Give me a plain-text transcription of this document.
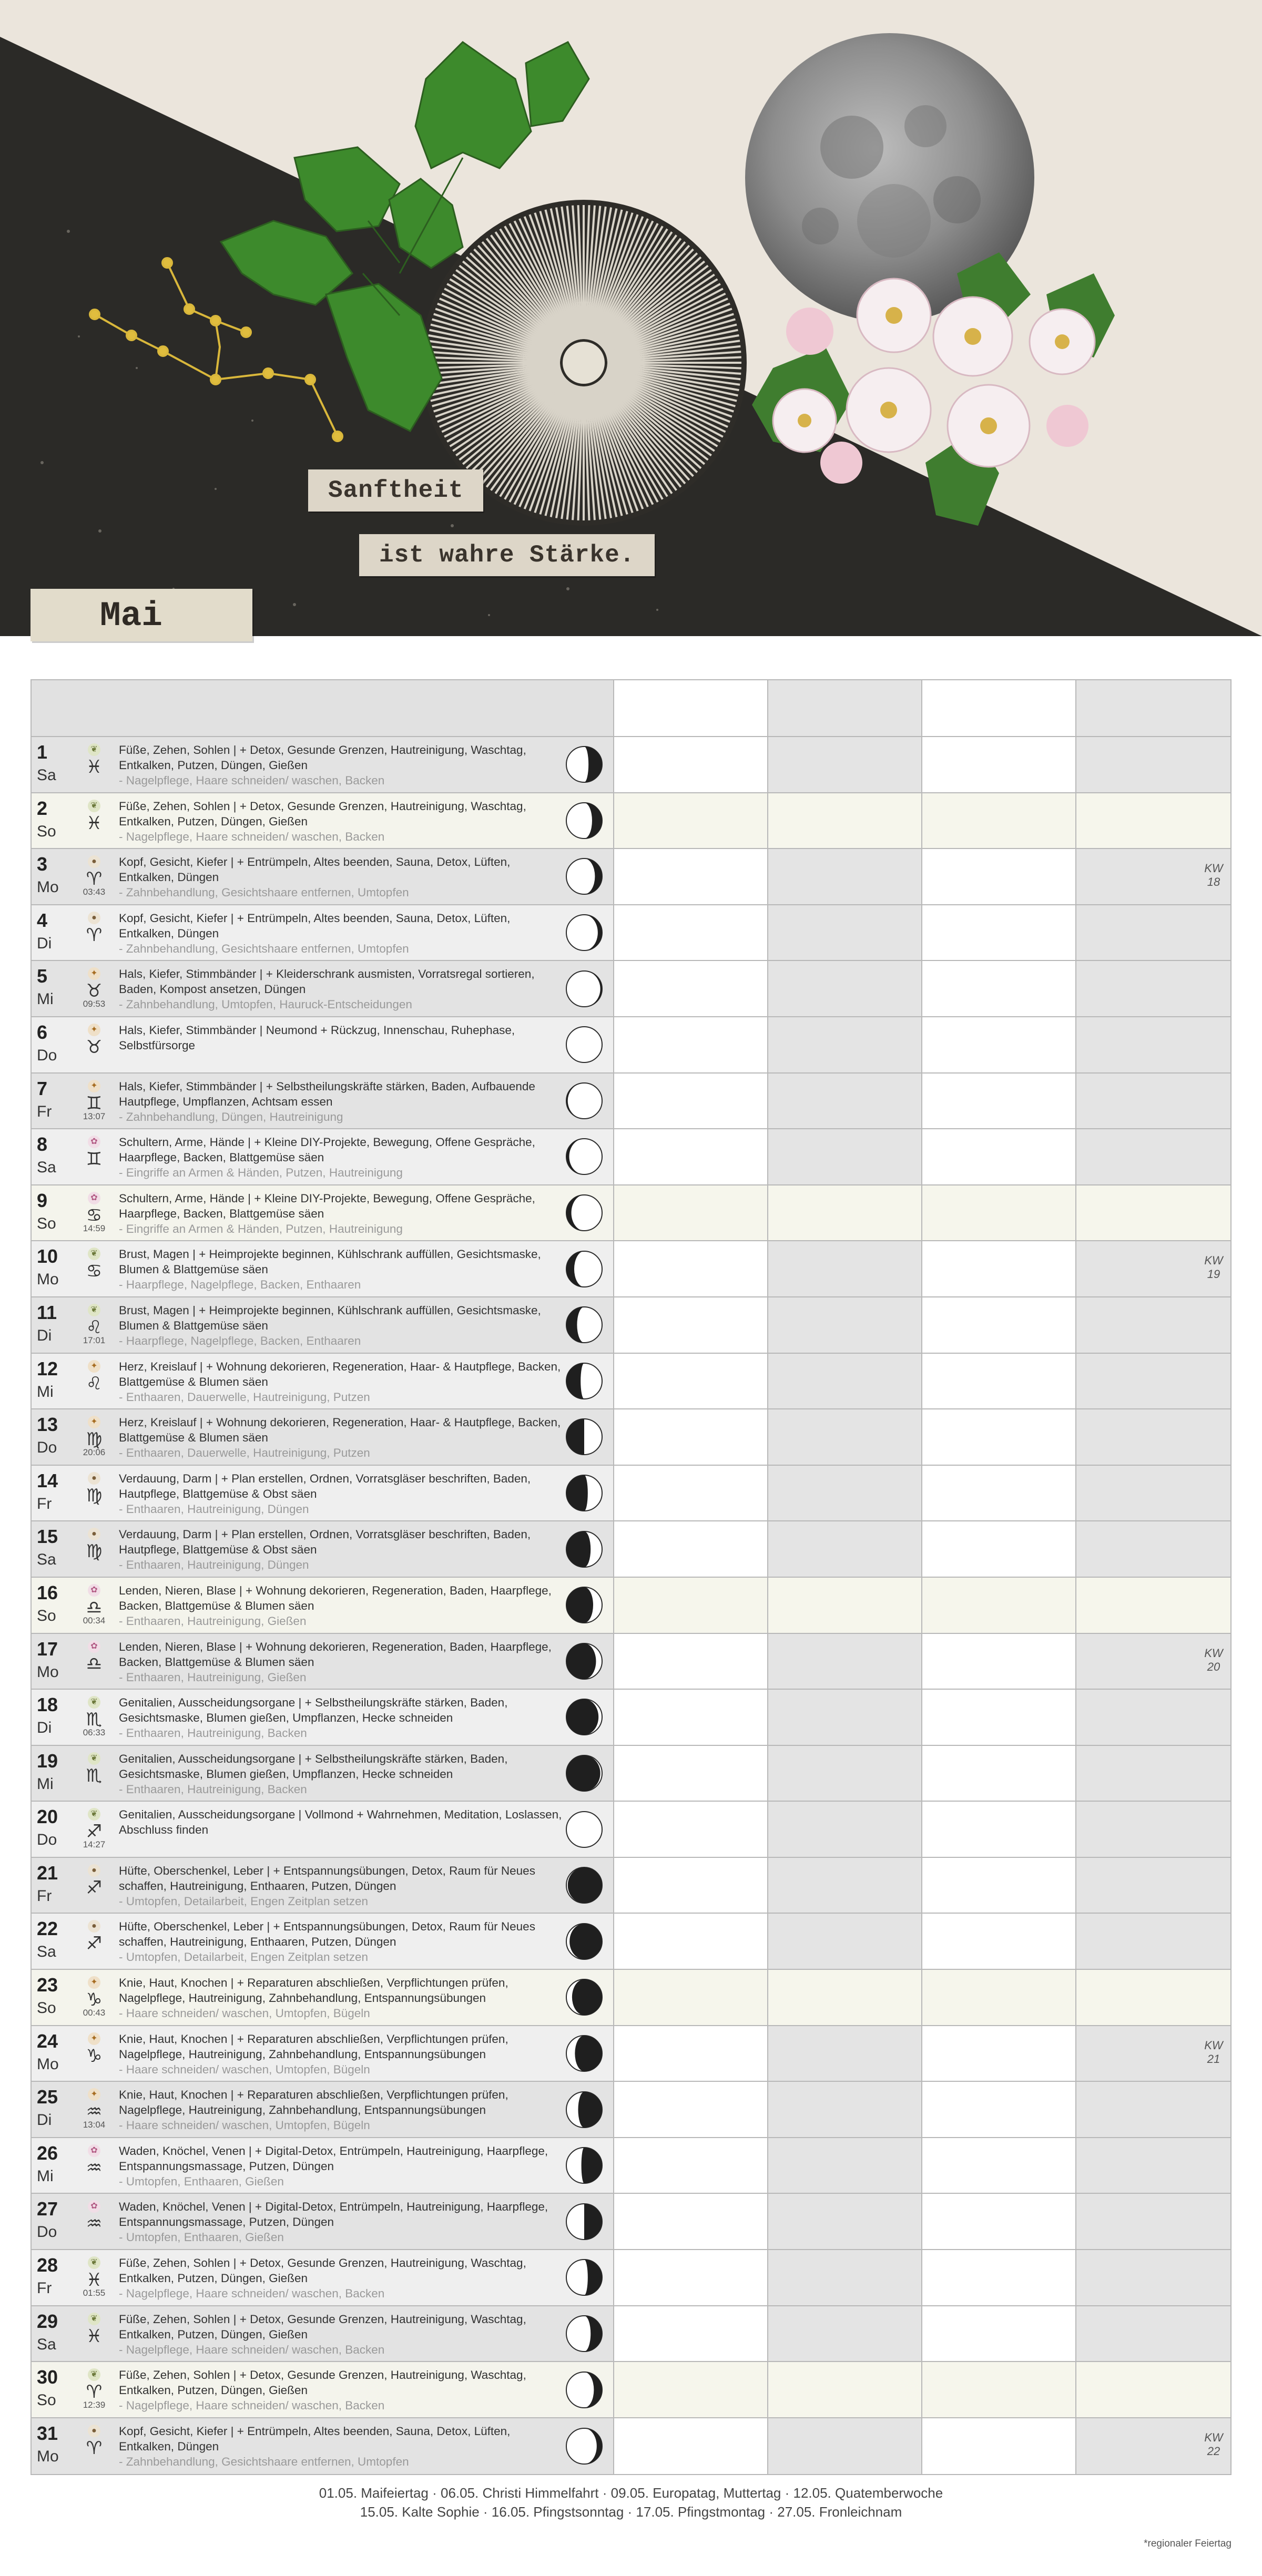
Sanftheit
ist wahre Stärke.
Mai
1
Sa
❦
♓
Füße, Zehen, Sohlen | + Detox, Gesunde Grenzen, Hautreinigung, Waschtag, Entkalken, Putzen, Düngen, Gießen
- Nagelpflege, Haare schneiden/ waschen, Backen
2
So
❦
♓
Füße, Zehen, Sohlen | + Detox, Gesunde Grenzen, Hautreinigung, Waschtag, Entkalken, Putzen, Düngen, Gießen
- Nagelpflege, Haare schneiden/ waschen, Backen
3
Mo
●
♈
03:43
Kopf, Gesicht, Kiefer | + Entrümpeln, Altes beenden, Sauna, Detox, Lüften, Entkalken, Düngen
- Zahnbehandlung, Gesichtshaare entfernen, Umtopfen
KW
18
4
Di
●
♈
Kopf, Gesicht, Kiefer | + Entrümpeln, Altes beenden, Sauna, Detox, Lüften, Entkalken, Düngen
- Zahnbehandlung, Gesichtshaare entfernen, Umtopfen
5
Mi
✦
♉
09:53
Hals, Kiefer, Stimmbänder | + Kleiderschrank ausmisten, Vorratsregal sortieren, Baden, Kompost ansetzen, Düngen
- Zahnbehandlung, Umtopfen, Hauruck-Entscheidungen
6
Do
✦
♉
Hals, Kiefer, Stimmbänder | Neumond + Rückzug, Innenschau, Ruhephase, Selbstfürsorge
7
Fr
✦
♊
13:07
Hals, Kiefer, Stimmbänder | + Selbstheilungskräfte stärken, Baden, Aufbauende Hautpflege, Umpflanzen, Achtsam essen
- Zahnbehandlung, Düngen, Hautreinigung
8
Sa
✿
♊
Schultern, Arme, Hände | + Kleine DIY-Projekte, Bewegung, Offene Gespräche, Haarpflege, Backen, Blattgemüse säen
- Eingriffe an Armen & Händen, Putzen, Hautreinigung
9
So
✿
♋
14:59
Schultern, Arme, Hände | + Kleine DIY-Projekte, Bewegung, Offene Gespräche, Haarpflege, Backen, Blattgemüse säen
- Eingriffe an Armen & Händen, Putzen, Hautreinigung
10
Mo
❦
♋
Brust, Magen | + Heimprojekte beginnen, Kühlschrank auffüllen, Gesichtsmaske, Blumen & Blattgemüse säen
- Haarpflege, Nagelpflege, Backen, Enthaaren
KW
19
11
Di
❦
♌
17:01
Brust, Magen | + Heimprojekte beginnen, Kühlschrank auffüllen, Gesichtsmaske, Blumen & Blattgemüse säen
- Haarpflege, Nagelpflege, Backen, Enthaaren
12
Mi
✦
♌
Herz, Kreislauf | + Wohnung dekorieren, Regeneration, Haar- & Hautpflege, Backen, Blattgemüse & Blumen säen
- Enthaaren, Dauerwelle, Hautreinigung, Putzen
13
Do
✦
♍
20:06
Herz, Kreislauf | + Wohnung dekorieren, Regeneration, Haar- & Hautpflege, Backen, Blattgemüse & Blumen säen
- Enthaaren, Dauerwelle, Hautreinigung, Putzen
14
Fr
●
♍
Verdauung, Darm | + Plan erstellen, Ordnen, Vorratsgläser beschriften, Baden, Hautpflege, Blattgemüse & Obst säen
- Enthaaren, Hautreinigung, Düngen
15
Sa
●
♍
Verdauung, Darm | + Plan erstellen, Ordnen, Vorratsgläser beschriften, Baden, Hautpflege, Blattgemüse & Obst säen
- Enthaaren, Hautreinigung, Düngen
16
So
✿
♎
00:34
Lenden, Nieren, Blase | + Wohnung dekorieren, Regeneration, Baden, Haarpflege, Backen, Blattgemüse & Blumen säen
- Enthaaren, Hautreinigung, Gießen
17
Mo
✿
♎
Lenden, Nieren, Blase | + Wohnung dekorieren, Regeneration, Baden, Haarpflege, Backen, Blattgemüse & Blumen säen
- Enthaaren, Hautreinigung, Gießen
KW
20
18
Di
❦
♏
06:33
Genitalien, Ausscheidungsorgane | + Selbstheilungskräfte stärken, Baden, Gesichtsmaske, Blumen gießen, Umpflanzen, Hecke schneiden
- Enthaaren, Hautreinigung, Backen
19
Mi
❦
♏
Genitalien, Ausscheidungsorgane | + Selbstheilungskräfte stärken, Baden, Gesichtsmaske, Blumen gießen, Umpflanzen, Hecke schneiden
- Enthaaren, Hautreinigung, Backen
20
Do
❦
♐
14:27
Genitalien, Ausscheidungsorgane | Vollmond + Wahrnehmen, Meditation, Loslassen, Abschluss finden
21
Fr
●
♐
Hüfte, Oberschenkel, Leber | + Entspannungsübungen, Detox, Raum für Neues schaffen, Hautreinigung, Enthaaren, Putzen, Düngen
- Umtopfen, Detailarbeit, Engen Zeitplan setzen
22
Sa
●
♐
Hüfte, Oberschenkel, Leber | + Entspannungsübungen, Detox, Raum für Neues schaffen, Hautreinigung, Enthaaren, Putzen, Düngen
- Umtopfen, Detailarbeit, Engen Zeitplan setzen
23
So
✦
♑
00:43
Knie, Haut, Knochen | + Reparaturen abschließen, Verpflichtungen prüfen, Nagelpflege, Hautreinigung, Zahnbehandlung, Entspannungsübungen
- Haare schneiden/ waschen, Umtopfen, Bügeln
24
Mo
✦
♑
Knie, Haut, Knochen | + Reparaturen abschließen, Verpflichtungen prüfen, Nagelpflege, Hautreinigung, Zahnbehandlung, Entspannungsübungen
- Haare schneiden/ waschen, Umtopfen, Bügeln
KW
21
25
Di
✦
♒
13:04
Knie, Haut, Knochen | + Reparaturen abschließen, Verpflichtungen prüfen, Nagelpflege, Hautreinigung, Zahnbehandlung, Entspannungsübungen
- Haare schneiden/ waschen, Umtopfen, Bügeln
26
Mi
✿
♒
Waden, Knöchel, Venen | + Digital-Detox, Entrümpeln, Hautreinigung, Haarpflege, Entspannungsmassage, Putzen, Düngen
- Umtopfen, Enthaaren, Gießen
27
Do
✿
♒
Waden, Knöchel, Venen | + Digital-Detox, Entrümpeln, Hautreinigung, Haarpflege, Entspannungsmassage, Putzen, Düngen
- Umtopfen, Enthaaren, Gießen
28
Fr
❦
♓
01:55
Füße, Zehen, Sohlen | + Detox, Gesunde Grenzen, Hautreinigung, Waschtag, Entkalken, Putzen, Düngen, Gießen
- Nagelpflege, Haare schneiden/ waschen, Backen
29
Sa
❦
♓
Füße, Zehen, Sohlen | + Detox, Gesunde Grenzen, Hautreinigung, Waschtag, Entkalken, Putzen, Düngen, Gießen
- Nagelpflege, Haare schneiden/ waschen, Backen
30
So
❦
♈
12:39
Füße, Zehen, Sohlen | + Detox, Gesunde Grenzen, Hautreinigung, Waschtag, Entkalken, Putzen, Düngen, Gießen
- Nagelpflege, Haare schneiden/ waschen, Backen
31
Mo
●
♈
Kopf, Gesicht, Kiefer | + Entrümpeln, Altes beenden, Sauna, Detox, Lüften, Entkalken, Düngen
- Zahnbehandlung, Gesichtshaare entfernen, Umtopfen
KW
22
01.05. Maifeiertag · 06.05. Christi Himmelfahrt · 09.05. Europatag, Muttertag · 12.05. Quatemberwoche
15.05. Kalte Sophie · 16.05. Pfingstsonntag · 17.05. Pfingstmontag · 27.05. Fronleichnam
*regionaler Feiertag
